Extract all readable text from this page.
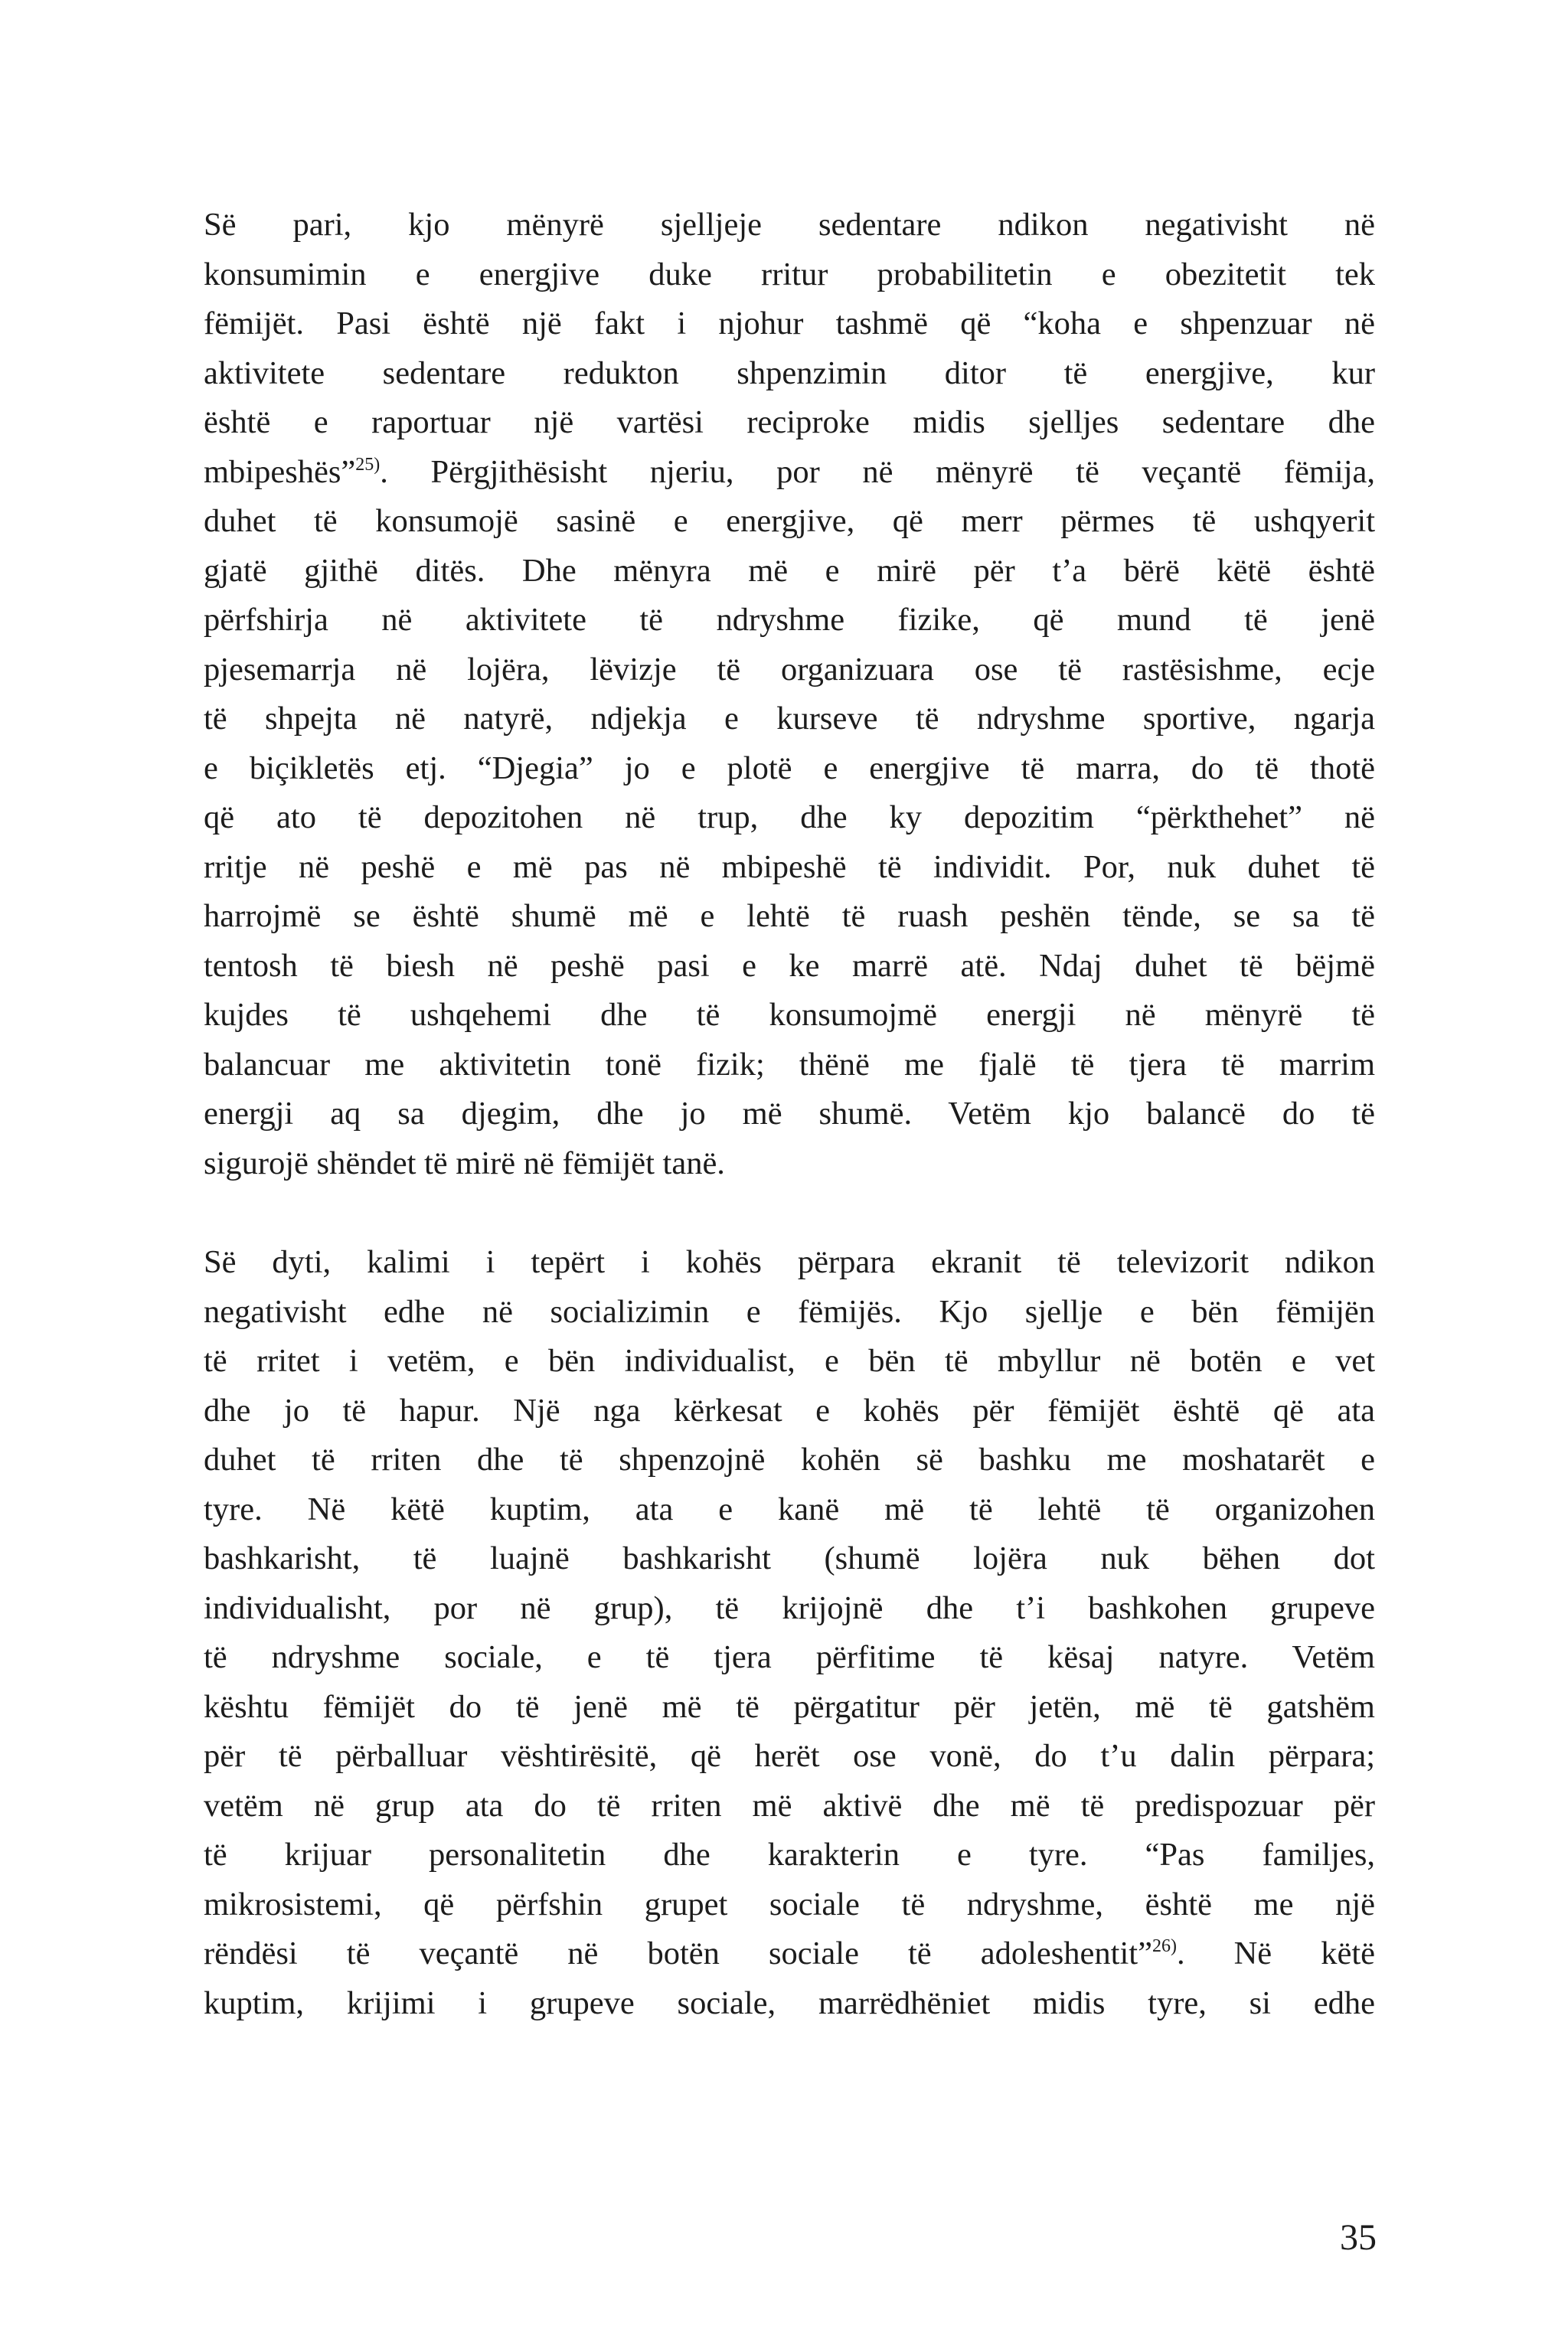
Së pari, kjo mënyrë sjelljeje sedentare ndikon negativisht në
konsumimin e energjive duke rritur probabilitetin e obezitetit tek
fëmijët. Pasi është një fakt i njohur tashmë që “koha e shpenzuar në
aktivitete sedentare redukton shpenzimin ditor të energjive, kur
është e raportuar një vartësi reciproke midis sjelljes sedentare dhe
mbipeshës”$^{25)}$. Përgjithësisht njeriu, por në mënyrë të veçantë fëmija,
duhet të konsumojë sasinë e energjive, që merr përmes të ushqyerit
gjatë gjithë ditës. Dhe mënyra më e mirë për t’a bërë këtë është
përfshirja në aktivitete të ndryshme fizike, që mund të jenë
pjesemarrja në lojëra, lëvizje të organizuara ose të rastësishme, ecje
të shpejta në natyrë, ndjekja e kurseve të ndryshme sportive, ngarja
e biçikletës etj. “Djegia” jo e plotë e energjive të marra, do të thotë
që ato të depozitohen në trup, dhe ky depozitim “përkthehet” në
rritje në peshë e më pas në mbipeshë të individit. Por, nuk duhet të
harrojmë se është shumë më e lehtë të ruash peshën tënde, se sa të
tentosh të biesh në peshë pasi e ke marrë atë. Ndaj duhet të bëjmë
kujdes të ushqehemi dhe të konsumojmë energji në mënyrë të
balancuar me aktivitetin tonë fizik; thënë me fjalë të tjera të marrim
energji aq sa djegim, dhe jo më shumë. Vetëm kjo balancë do të
sigurojë shëndet të mirë në fëmijët tanë.

Së dyti, kalimi i tepërt i kohës përpara ekranit të televizorit ndikon
negativisht edhe në socializimin e fëmijës. Kjo sjellje e bën fëmijën
të rritet i vetëm, e bën individualist, e bën të mbyllur në botën e vet
dhe jo të hapur. Një nga kërkesat e kohës për fëmijët është që ata
duhet të rriten dhe të shpenzojnë kohën së bashku me moshatarët e
tyre. Në këtë kuptim, ata e kanë më të lehtë të organizohen
bashkarisht, të luajnë bashkarisht (shumë lojëra nuk bëhen dot
individualisht, por në grup), të krijojnë dhe t’i bashkohen grupeve
të ndryshme sociale, e të tjera përfitime të kësaj natyre. Vetëm
kështu fëmijët do të jenë më të përgatitur për jetën, më të gatshëm
për të përballuar vështirësitë, që herët ose vonë, do t’u dalin përpara;
vetëm në grup ata do të rriten më aktivë dhe më të predispozuar për
të krijuar personalitetin dhe karakterin e tyre. “Pas familjes,
mikrosistemi, që përfshin grupet sociale të ndryshme, është me një
rëndësi të veçantë në botën sociale të adoleshentit”$^{26)}$. Në këtë
kuptim, krijimi i grupeve sociale, marrëdhëniet midis tyre, si edhe

35
